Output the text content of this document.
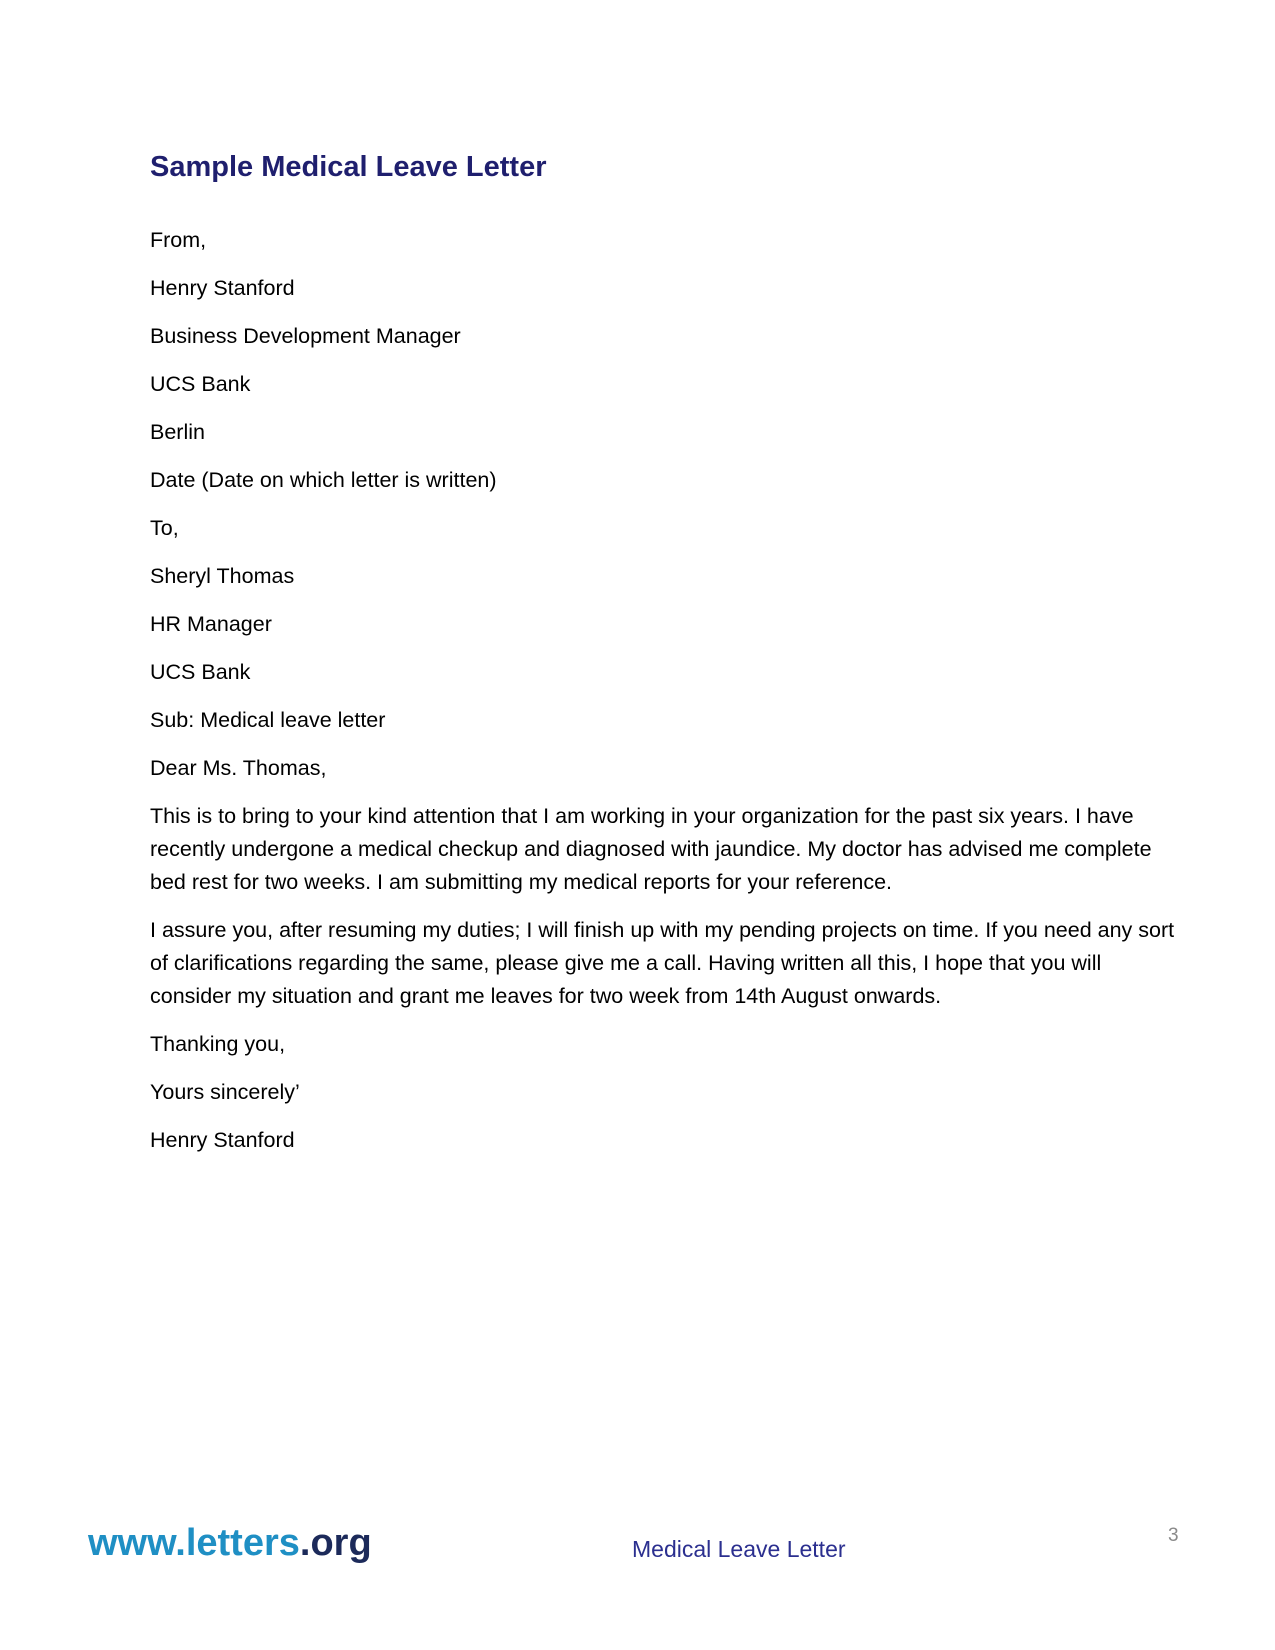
Sample Medical Leave Letter

From,

Henry Stanford

Business Development Manager

UCS Bank

Berlin

Date (Date on which letter is written)

To,

Sheryl Thomas

HR Manager

UCS Bank

Sub: Medical leave letter

Dear Ms. Thomas,

This is to bring to your kind attention that I am working in your organization for the past six years. I have recently undergone a medical checkup and diagnosed with jaundice. My doctor has advised me complete bed rest for two weeks. I am submitting my medical reports for your reference.

I assure you, after resuming my duties; I will finish up with my pending projects on time. If you need any sort of clarifications regarding the same, please give me a call. Having written all this, I hope that you will consider my situation and grant me leaves for two week from 14th August onwards.

Thanking you,

Yours sincerely’

Henry Stanford

www.letters.org	Medical Leave Letter
3
